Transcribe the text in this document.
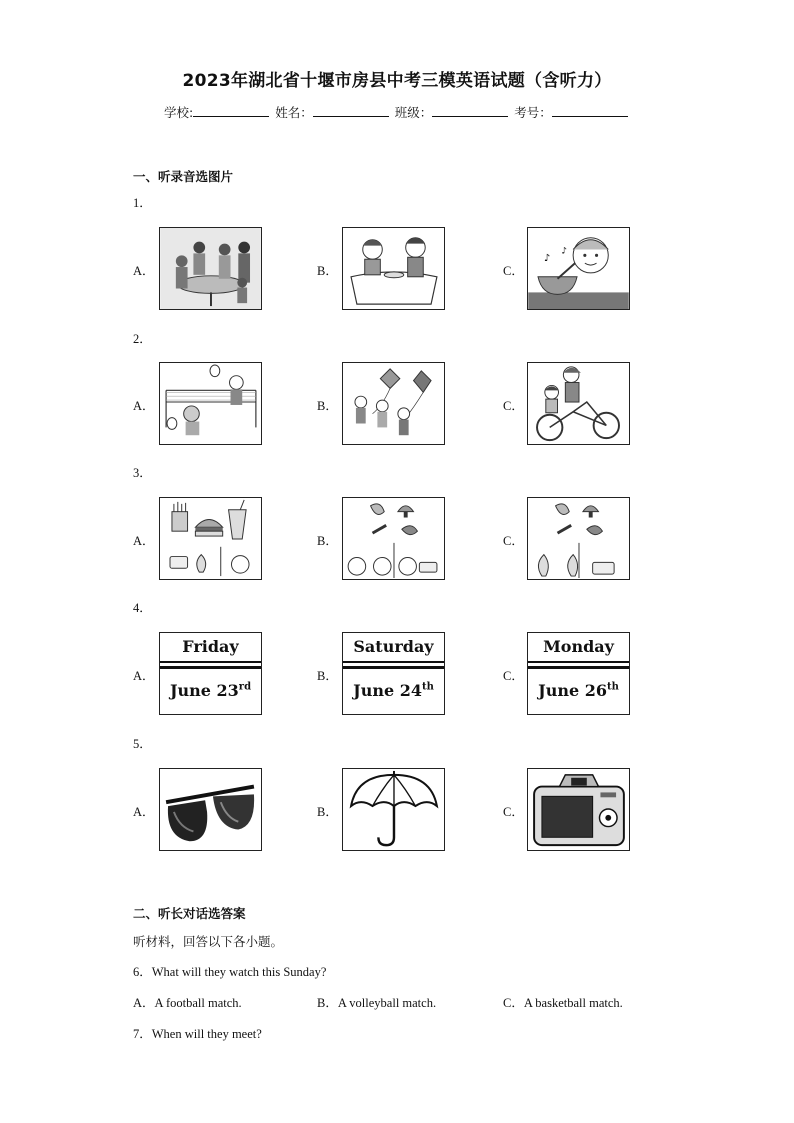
2023年湖北省十堰市房县中考三模英语试题（含听力）
学校:	姓名：	班级：	考号：
一、听录音选图片
1．
A．	B．	C．
♪
♪
2．
A．	B．	C．
3．
A．	B．	C．
4．
A．
Friday
June 23rd
B．
Saturday
June 24th
C．
Monday
June 26th
5．
A．	B．	C．
二、听长对话选答案
听材料，回答以下各小题。
6．What will they watch this Sunday?
A．A football match.	B．A volleyball match.	C．A basketball match.
7．When will they meet?
